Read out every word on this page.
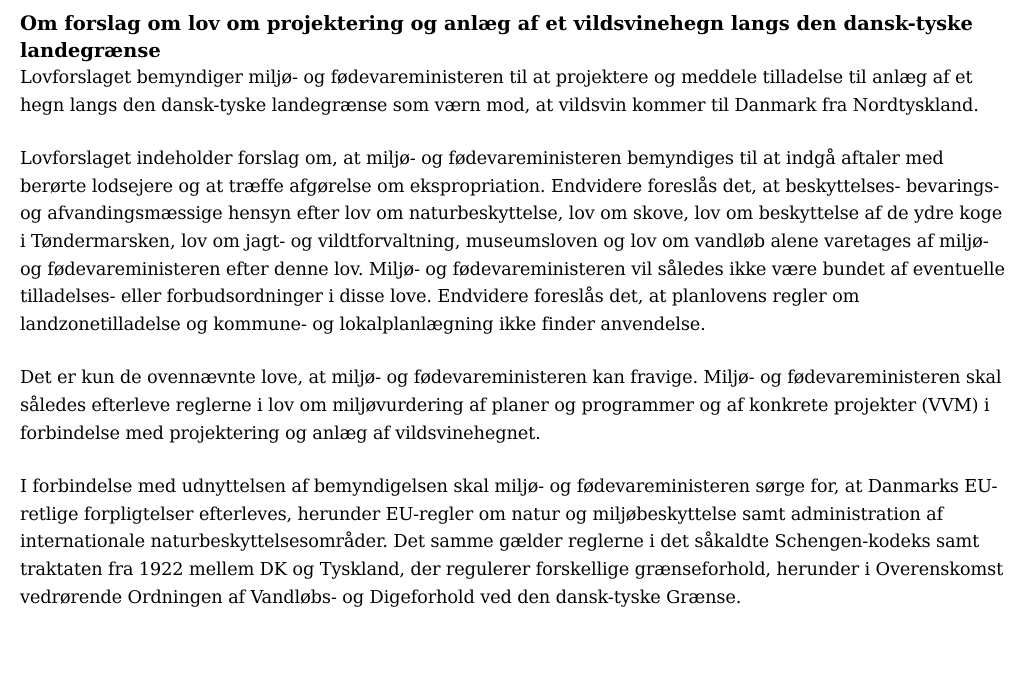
Om forslag om lov om projektering og anlæg af et vildsvinehegn langs den dansk-tyske landegrænse

Lovforslaget bemyndiger miljø- og fødevareministeren til at projektere og meddele tilladelse til anlæg af et hegn langs den dansk-tyske landegrænse som værn mod, at vildsvin kommer til Danmark fra Nordtyskland.

Lovforslaget indeholder forslag om, at miljø- og fødevareministeren bemyndiges til at indgå aftaler med berørte lodsejere og at træffe afgørelse om ekspropriation. Endvidere foreslås det, at beskyttelses- bevarings- og afvandingsmæssige hensyn efter lov om naturbeskyttelse, lov om skove, lov om beskyttelse af de ydre koge i Tøndermarsken, lov om jagt- og vildtforvaltning, museumsloven og lov om vandløb alene varetages af miljø- og fødevareministeren efter denne lov. Miljø- og fødevareministeren vil således ikke være bundet af eventuelle tilladelses- eller forbudsordninger i disse love. Endvidere foreslås det, at planlovens regler om landzonetilladelse og kommune- og lokalplanlægning ikke finder anvendelse.

Det er kun de ovennævnte love, at miljø- og fødevareministeren kan fravige. Miljø- og fødevareministeren skal således efterleve reglerne i lov om miljøvurdering af planer og programmer og af konkrete projekter (VVM) i forbindelse med projektering og anlæg af vildsvinehegnet.

I forbindelse med udnyttelsen af bemyndigelsen skal miljø- og fødevareministeren sørge for, at Danmarks EU-retlige forpligtelser efterleves, herunder EU-regler om natur og miljøbeskyttelse samt administration af internationale naturbeskyttelsesområder. Det samme gælder reglerne i det såkaldte Schengen-kodeks samt traktaten fra 1922 mellem DK og Tyskland, der regulerer forskellige grænseforhold, herunder i Overenskomst vedrørende Ordningen af Vandløbs- og Digeforhold ved den dansk-tyske Grænse.
